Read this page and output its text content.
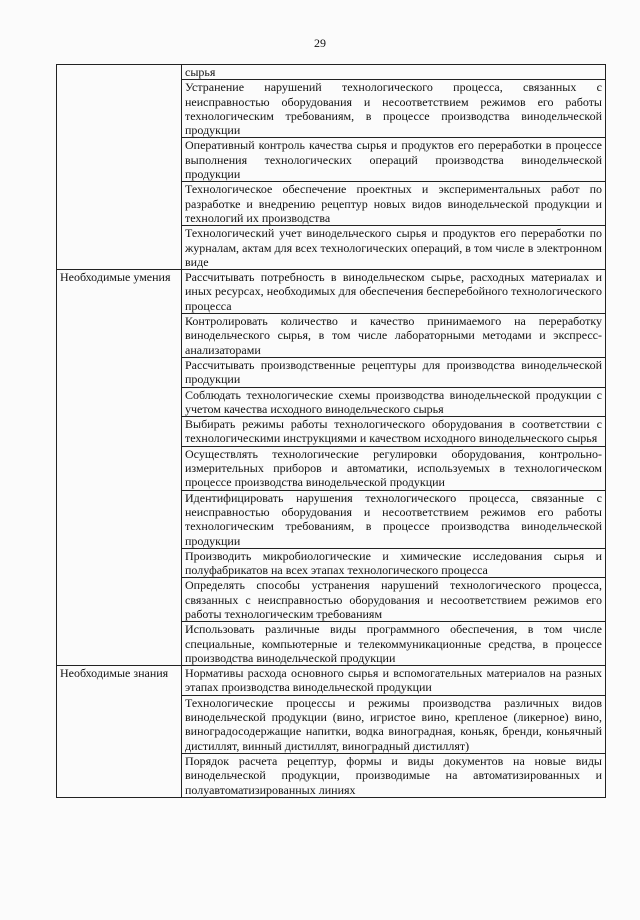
29
	сырья
	Устранение нарушений технологического процесса, связанных с неисправностью оборудования и несоответствием режимов его работы технологическим требованиям, в процессе производства винодельческой продукции
	Оперативный контроль качества сырья и продуктов его переработки в процессе выполнения технологических операций производства винодельческой продукции
	Технологическое обеспечение проектных и экспериментальных работ по разработке и внедрению рецептур новых видов винодельческой продукции и технологий их производства
	Технологический учет винодельческого сырья и продуктов его переработки по журналам, актам для всех технологических операций, в том числе в электронном виде
Необходимые умения	Рассчитывать потребность в винодельческом сырье, расходных материалах и иных ресурсах, необходимых для обеспечения бесперебойного технологического процесса
	Контролировать количество и качество принимаемого на переработку винодельческого сырья, в том числе лабораторными методами и экспресс-анализаторами
	Рассчитывать производственные рецептуры для производства винодельческой продукции
	Соблюдать технологические схемы производства винодельческой продукции с учетом качества исходного винодельческого сырья
	Выбирать режимы работы технологического оборудования в соответствии с технологическими инструкциями и качеством исходного винодельческого сырья
	Осуществлять технологические регулировки оборудования, контрольно-измерительных приборов и автоматики, используемых в технологическом процессе производства винодельческой продукции
	Идентифицировать нарушения технологического процесса, связанные с неисправностью оборудования и несоответствием режимов его работы технологическим требованиям, в процессе производства винодельческой продукции
	Производить микробиологические и химические исследования сырья и полуфабрикатов на всех этапах технологического процесса
	Определять способы устранения нарушений технологического процесса, связанных с неисправностью оборудования и несоответствием режимов его работы технологическим требованиям
	Использовать различные виды программного обеспечения, в том числе специальные, компьютерные и телекоммуникационные средства, в процессе производства винодельческой продукции
Необходимые знания	Нормативы расхода основного сырья и вспомогательных материалов на разных этапах производства винодельческой продукции
	Технологические процессы и режимы производства различных видов винодельческой продукции (вино, игристое вино, крепленое (ликерное) вино, виноградосодержащие напитки, водка виноградная, коньяк, бренди, коньячный дистиллят, винный дистиллят, виноградный дистиллят)
	Порядок расчета рецептур, формы и виды документов на новые виды винодельческой продукции, производимые на автоматизированных и полуавтоматизированных линиях
